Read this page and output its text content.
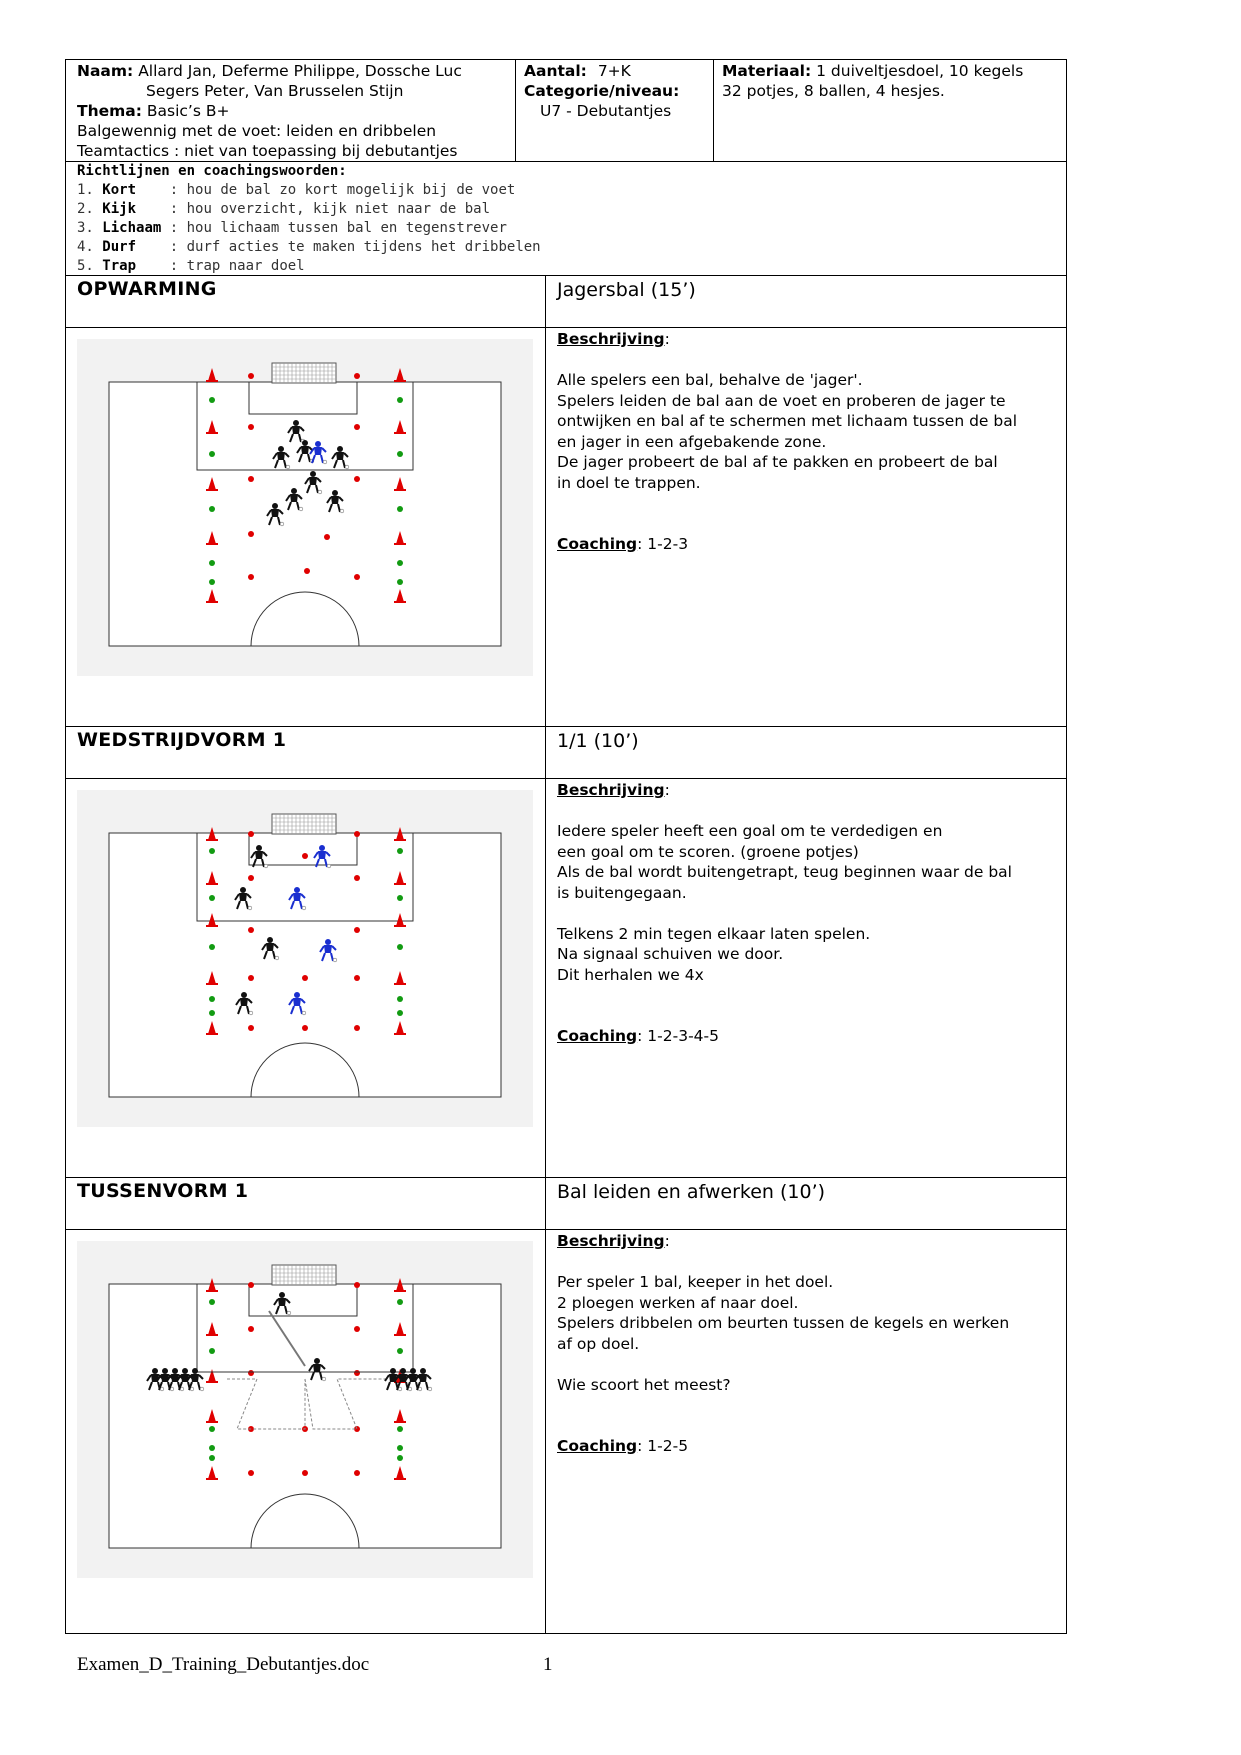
Naam: Allard Jan, Deferme Philippe, Dossche Luc
Segers Peter, Van Brusselen Stijn
Thema: Basic’s B+
Balgewennig met de voet: leiden en dribbelen
Teamtactics : niet van toepassing bij debutantjes
Aantal: 7+K
Categorie/niveau:
U7 - Debutantjes
Materiaal: 1 duiveltjesdoel, 10 kegels
32 potjes, 8 ballen, 4 hesjes.
Richtlijnen en coachingswoorden:
1. Kort    : hou de bal zo kort mogelijk bij de voet
2. Kijk    : hou overzicht, kijk niet naar de bal
3. Lichaam : hou lichaam tussen bal en tegenstrever
4. Durf    : durf acties te maken tijdens het dribbelen
5. Trap    : trap naar doel
OPWARMING	Jagersbal (15’)

Beschrijving:

Alle spelers een bal, behalve de 'jager'.

Spelers leiden de bal aan de voet en proberen de jager te

ontwijken en bal af te schermen met lichaam tussen de bal

en jager in een afgebakende zone.

De jager probeert de bal af te pakken en probeert de bal

in doel te trappen.

Coaching: 1-2-3

WEDSTRIJDVORM 1	1/1 (10’)

Beschrijving:

Iedere speler heeft een goal om te verdedigen en

een goal om te scoren. (groene potjes)

Als de bal wordt buitengetrapt, teug beginnen waar de bal

is buitengegaan.

Telkens 2 min tegen elkaar laten spelen.

Na signaal schuiven we door.

Dit herhalen we 4x

Coaching: 1-2-3-4-5

TUSSENVORM 1	Bal leiden en afwerken (10’)

Beschrijving:

Per speler 1 bal, keeper in het doel.

2 ploegen werken af naar doel.

Spelers dribbelen om beurten tussen de kegels en werken

af op doel.

Wie scoort het meest?

Coaching: 1-2-5

Examen_D_Training_Debutantjes.doc	1
